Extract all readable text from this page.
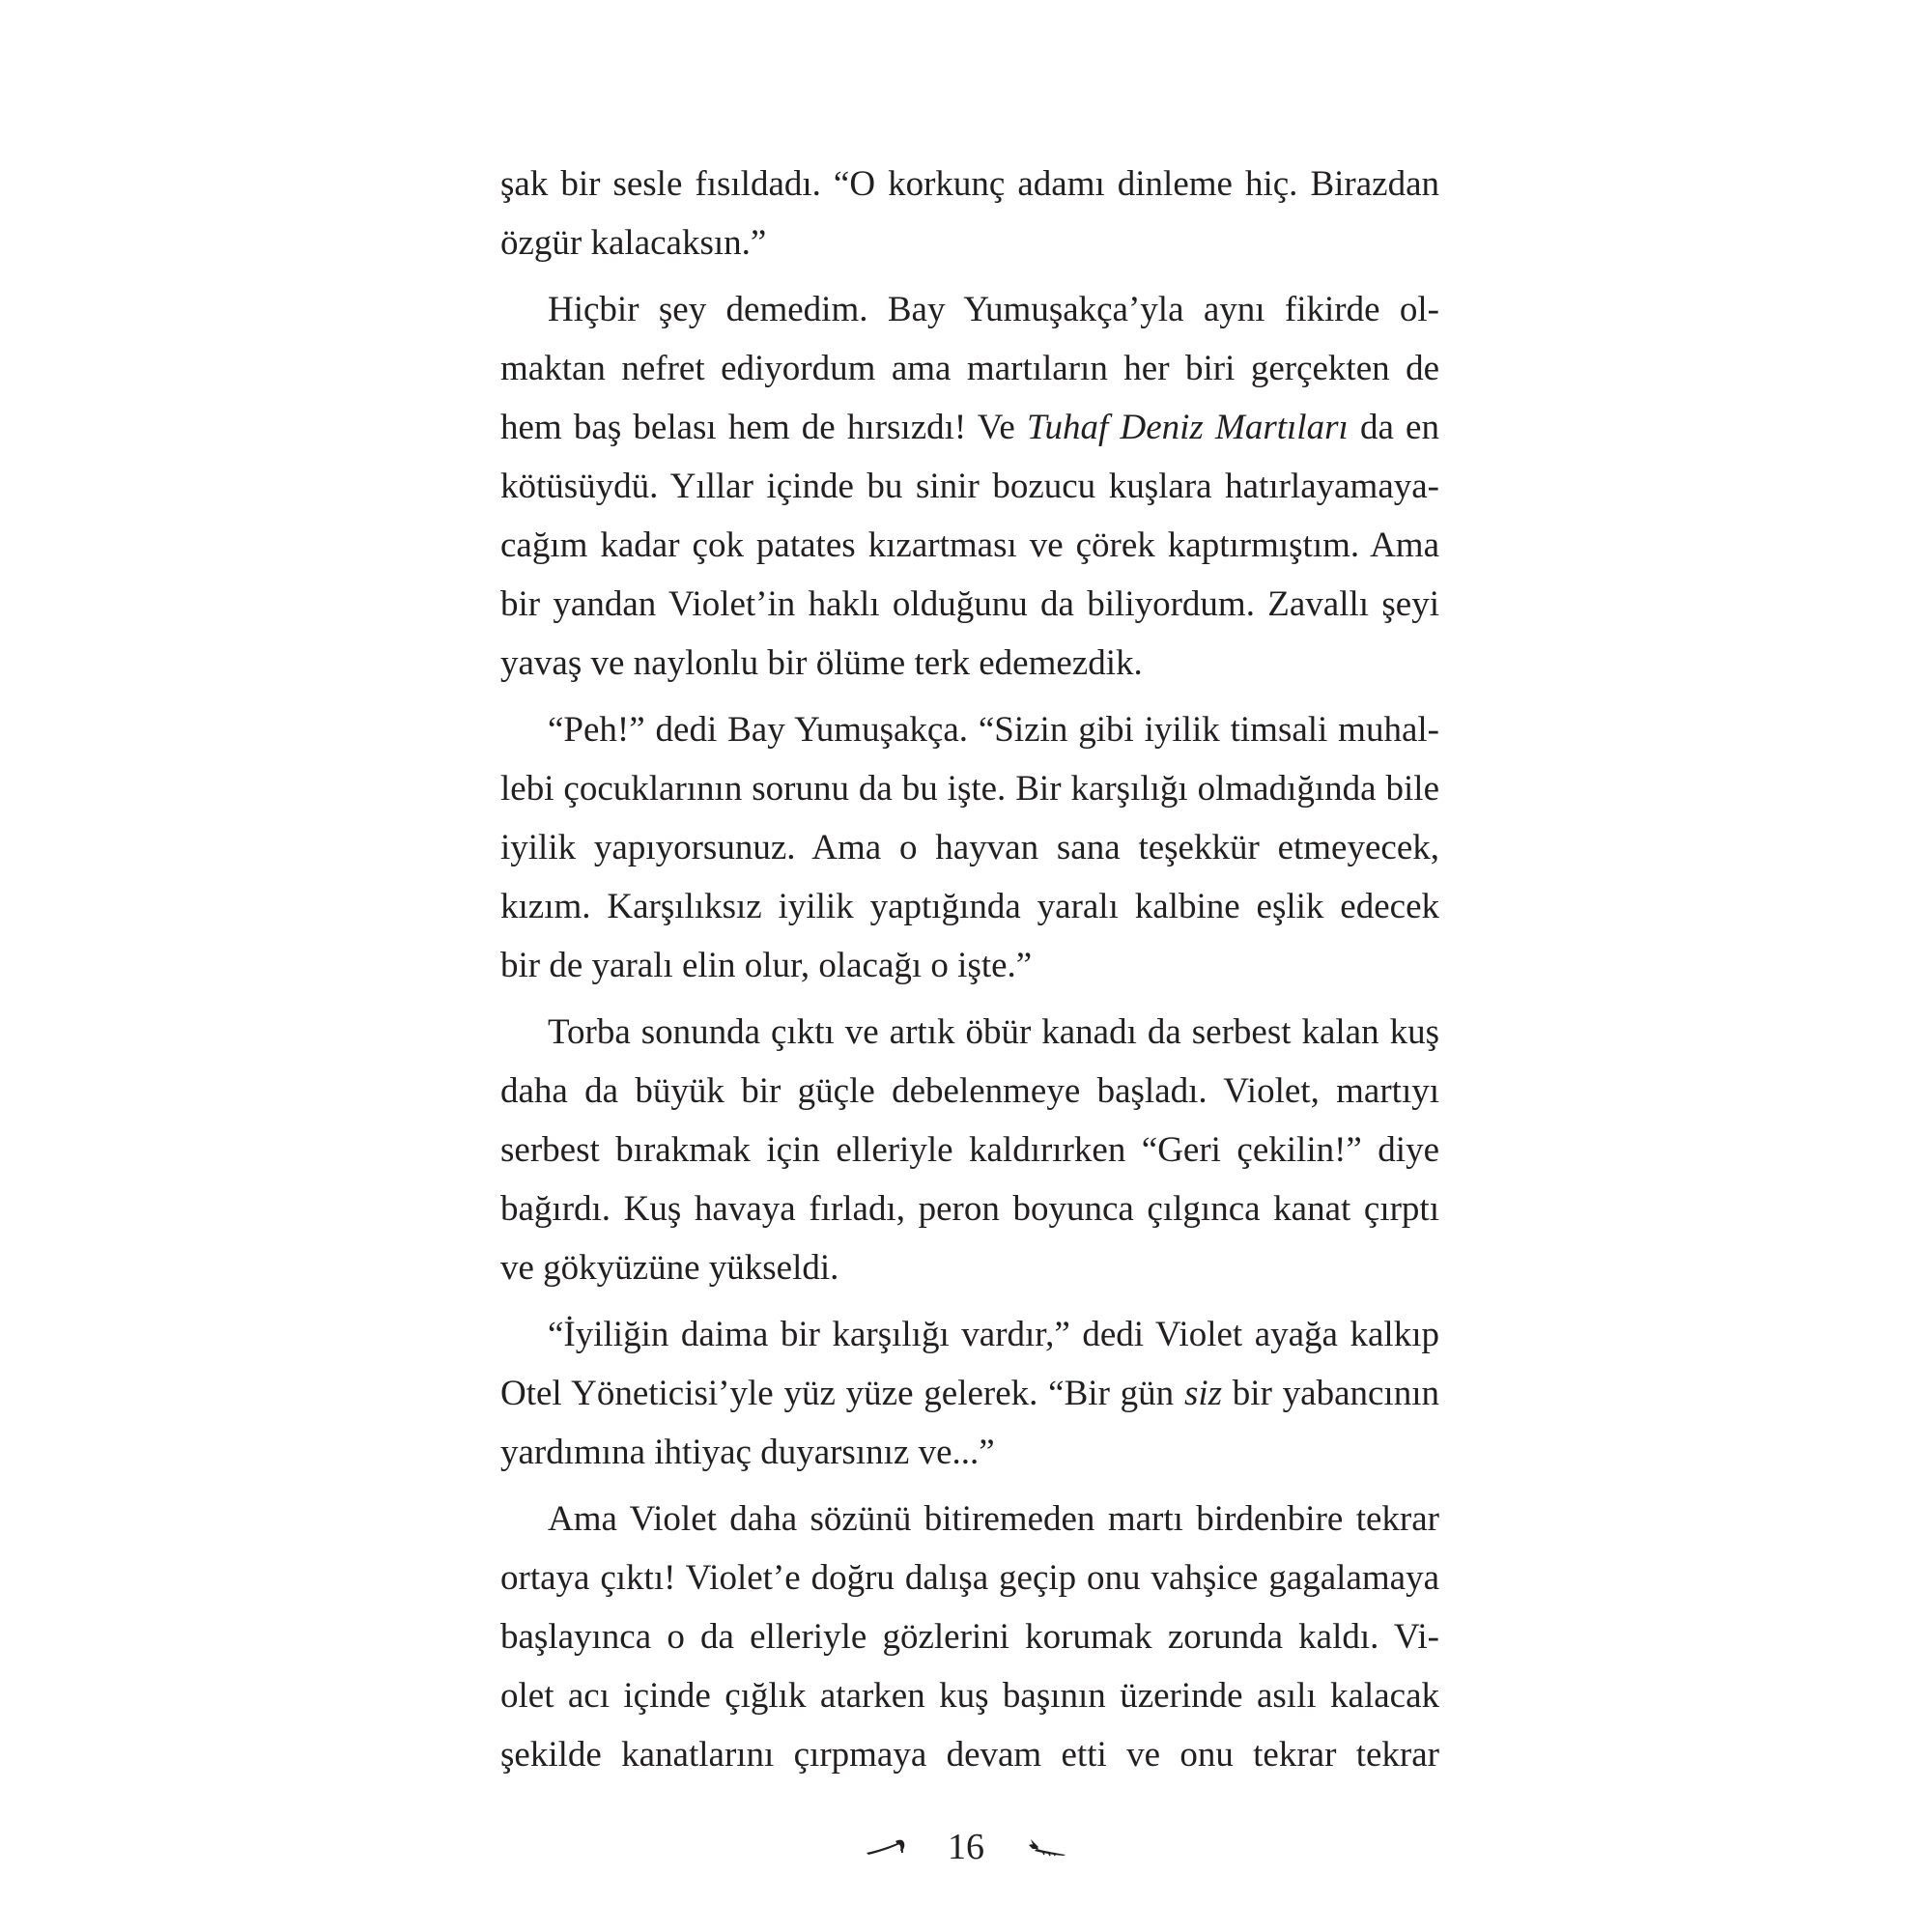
şak bir sesle fısıldadı. “O korkunç adamı dinleme hiç. Birazdan
özgür kalacaksın.”
Hiçbir şey demedim. Bay Yumuşakça’yla aynı fikirde ol-
maktan nefret ediyordum ama martıların her biri gerçekten de
hem baş belası hem de hırsızdı! Ve Tuhaf Deniz Martıları da en
kötüsüydü. Yıllar içinde bu sinir bozucu kuşlara hatırlayamaya-
cağım kadar çok patates kızartması ve çörek kaptırmıştım. Ama
bir yandan Violet’in haklı olduğunu da biliyordum. Zavallı şeyi
yavaş ve naylonlu bir ölüme terk edemezdik.
“Peh!” dedi Bay Yumuşakça. “Sizin gibi iyilik timsali muhal-
lebi çocuklarının sorunu da bu işte. Bir karşılığı olmadığında bile
iyilik yapıyorsunuz. Ama o hayvan sana teşekkür etmeyecek,
kızım. Karşılıksız iyilik yaptığında yaralı kalbine eşlik edecek
bir de yaralı elin olur, olacağı o işte.”
Torba sonunda çıktı ve artık öbür kanadı da serbest kalan kuş
daha da büyük bir güçle debelenmeye başladı. Violet, martıyı
serbest bırakmak için elleriyle kaldırırken “Geri çekilin!” diye
bağırdı. Kuş havaya fırladı, peron boyunca çılgınca kanat çırptı
ve gökyüzüne yükseldi.
“İyiliğin daima bir karşılığı vardır,” dedi Violet ayağa kalkıp
Otel Yöneticisi’yle yüz yüze gelerek. “Bir gün siz bir yabancının
yardımına ihtiyaç duyarsınız ve...”
Ama Violet daha sözünü bitiremeden martı birdenbire tekrar
ortaya çıktı! Violet’e doğru dalışa geçip onu vahşice gagalamaya
başlayınca o da elleriyle gözlerini korumak zorunda kaldı. Vi-
olet acı içinde çığlık atarken kuş başının üzerinde asılı kalacak
şekilde kanatlarını çırpmaya devam etti ve onu tekrar tekrar
16
